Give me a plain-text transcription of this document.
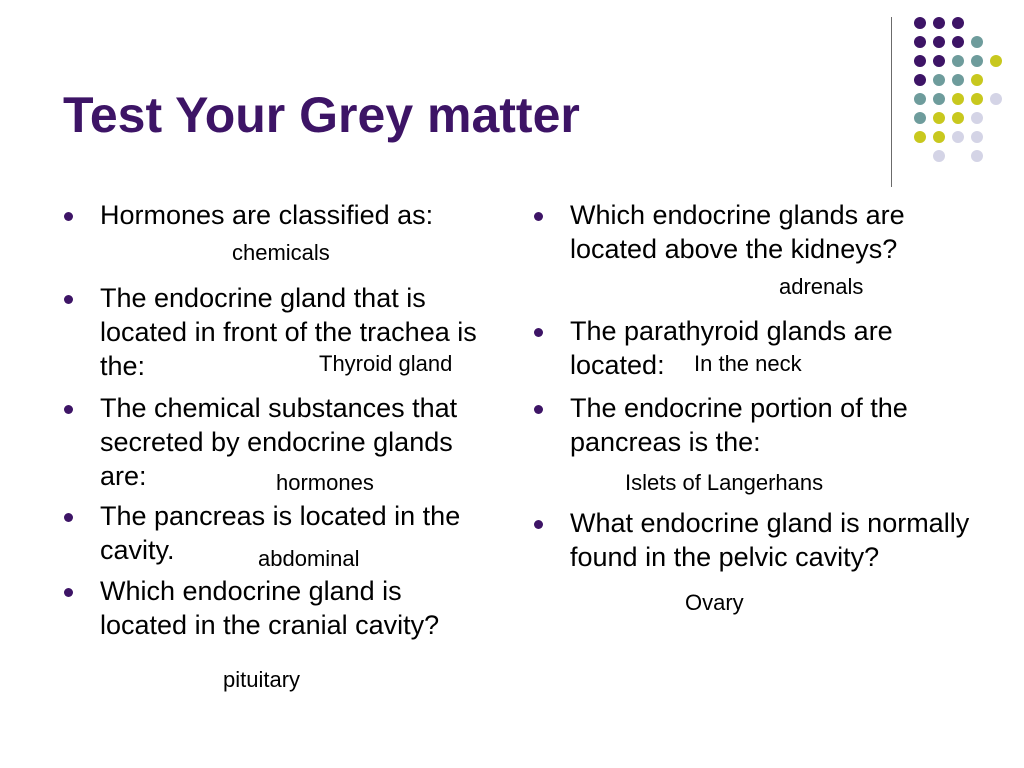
Test Your Grey matter
Hormones are classified as:
chemicals
The endocrine gland that is located in front of the trachea is the:	Thyroid gland
The chemical substances that secreted by endocrine glands are:	hormones
The pancreas is located in the cavity.	abdominal
Which endocrine gland is located in the cranial cavity?
pituitary
Which endocrine glands are located above the kidneys?
adrenals
The parathyroid glands are located:	In the neck
The endocrine portion of the pancreas is the:
Islets of Langerhans
What endocrine gland is normally found in the pelvic cavity?
Ovary
